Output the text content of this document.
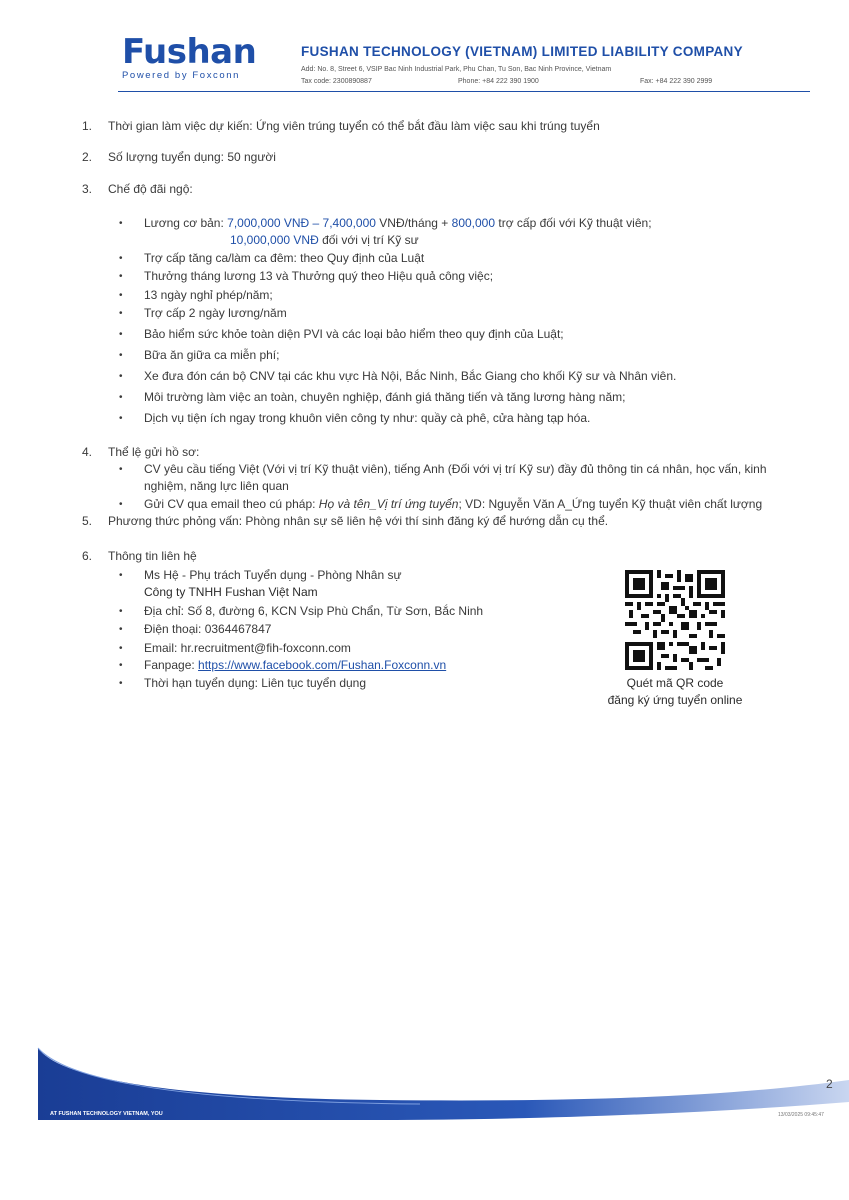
Fushan
Powered by Foxconn
FUSHAN TECHNOLOGY (VIETNAM) LIMITED LIABILITY COMPANY
Add: No. 8, Street 6, VSIP Bac Ninh Industrial Park, Phu Chan, Tu Son, Bac Ninh Province, Vietnam
Tax code: 2300890887	Phone: +84 222 390 1900	Fax: +84 222 390 2999
1. Thời gian làm việc dự kiến: Ứng viên trúng tuyển có thể bắt đầu làm việc sau khi trúng tuyển
2. Số lượng tuyển dụng: 50 người
3. Chế độ đãi ngộ:
• Lương cơ bản: 7,000,000 VNĐ – 7,400,000 VNĐ/tháng + 800,000 trợ cấp đối với Kỹ thuật viên;
10,000,000 VNĐ đối với vị trí Kỹ sư
• Trợ cấp tăng ca/làm ca đêm: theo Quy định của Luật
• Thưởng tháng lương 13 và Thưởng quý theo Hiệu quả công việc;
• 13 ngày nghỉ phép/năm;
• Trợ cấp 2 ngày lương/năm
• Bảo hiểm sức khỏe toàn diện PVI và các loại bảo hiểm theo quy định của Luật;
• Bữa ăn giữa ca miễn phí;
• Xe đưa đón cán bộ CNV tại các khu vực Hà Nội, Bắc Ninh, Bắc Giang cho khối Kỹ sư và Nhân viên.
• Môi trường làm việc an toàn, chuyên nghiệp, đánh giá thăng tiến và tăng lương hàng năm;
• Dịch vụ tiện ích ngay trong khuôn viên công ty như: quầy cà phê, cửa hàng tạp hóa.
4. Thể lệ gửi hồ sơ:
• CV yêu cầu tiếng Việt (Với vị trí Kỹ thuật viên), tiếng Anh (Đối với vị trí Kỹ sư) đầy đủ thông tin cá nhân, học vấn, kinh
nghiệm, năng lực liên quan
• Gửi CV qua email theo cú pháp: Họ và tên_Vị trí ứng tuyển; VD: Nguyễn Văn A_Ứng tuyển Kỹ thuật viên chất lượng
5. Phương thức phỏng vấn: Phòng nhân sự sẽ liên hệ với thí sinh đăng ký để hướng dẫn cụ thể.
6. Thông tin liên hệ
• Ms Hệ - Phụ trách Tuyển dụng - Phòng Nhân sự
Công ty TNHH Fushan Việt Nam
• Địa chỉ: Số 8, đường 6, KCN Vsip Phù Chẩn, Từ Sơn, Bắc Ninh
• Điện thoại: 0364467847
• Email: hr.recruitment@fih-foxconn.com
• Fanpage: https://www.facebook.com/Fushan.Foxconn.vn
• Thời hạn tuyển dụng: Liên tục tuyển dụng	Quét mã QR code
đăng ký ứng tuyển online
AT FUSHAN TECHNOLOGY VIETNAM, YOU
2
13/03/2025 09:45:47
